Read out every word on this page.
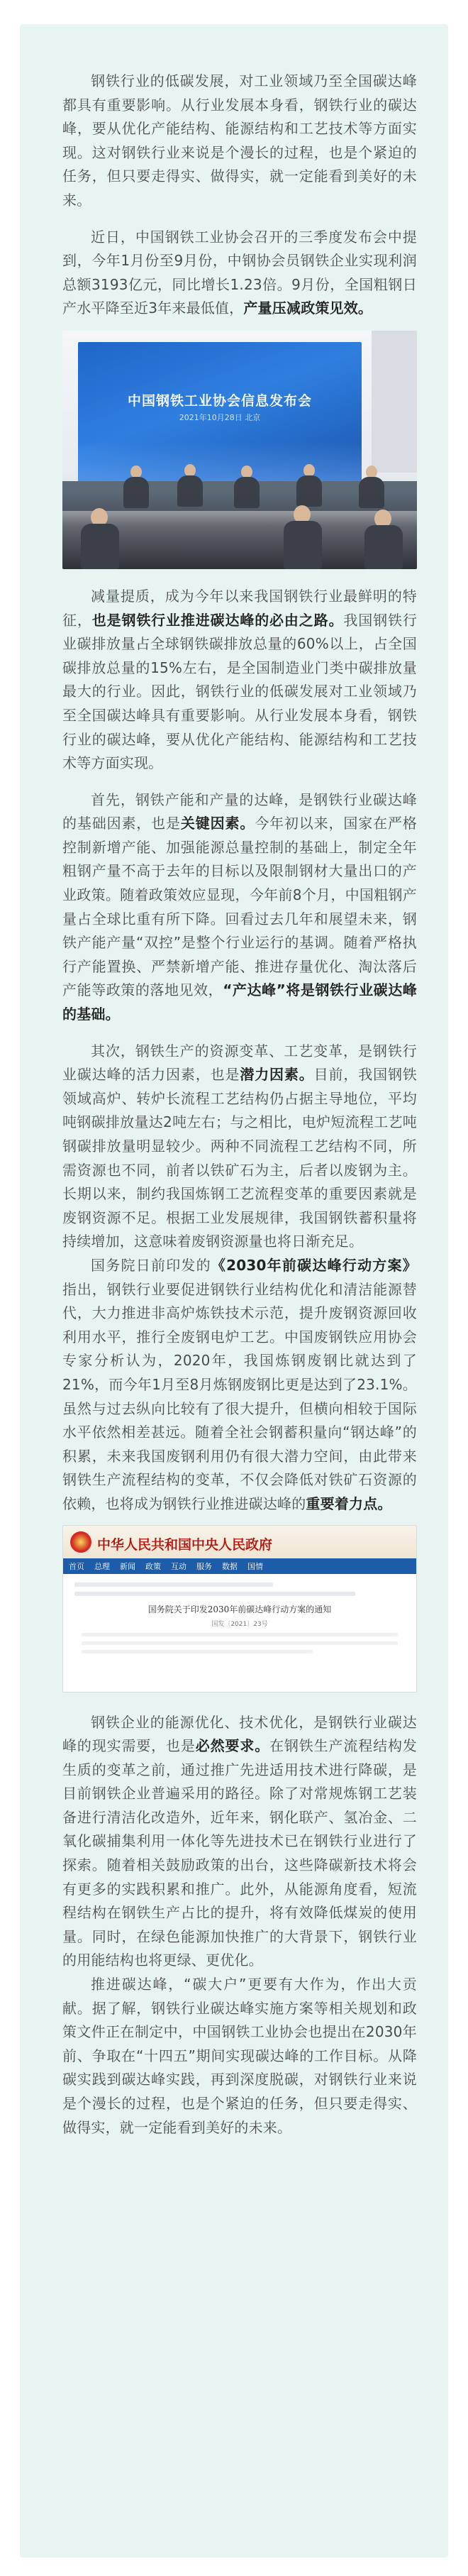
钢铁行业的低碳发展，对工业领域乃至全国碳达峰都具有重要影响。从行业发展本身看，钢铁行业的碳达峰，要从优化产能结构、能源结构和工艺技术等方面实现。这对钢铁行业来说是个漫长的过程，也是个紧迫的任务，但只要走得实、做得实，就一定能看到美好的未来。

近日，中国钢铁工业协会召开的三季度发布会中提到，今年1月份至9月份，中钢协会员钢铁企业实现利润总额3193亿元，同比增长1.23倍。9月份，全国粗钢日产水平降至近3年来最低值，产量压减政策见效。

中国钢铁工业协会信息发布会
2021年10月28日 北京

减量提质，成为今年以来我国钢铁行业最鲜明的特征，也是钢铁行业推进碳达峰的必由之路。我国钢铁行业碳排放量占全球钢铁碳排放总量的60%以上，占全国碳排放总量的15%左右，是全国制造业门类中碳排放量最大的行业。因此，钢铁行业的低碳发展对工业领域乃至全国碳达峰具有重要影响。从行业发展本身看，钢铁行业的碳达峰，要从优化产能结构、能源结构和工艺技术等方面实现。

首先，钢铁产能和产量的达峰，是钢铁行业碳达峰的基础因素，也是关键因素。今年初以来，国家在严格控制新增产能、加强能源总量控制的基础上，制定全年粗钢产量不高于去年的目标以及限制钢材大量出口的产业政策。随着政策效应显现，今年前8个月，中国粗钢产量占全球比重有所下降。回看过去几年和展望未来，钢铁产能产量“双控”是整个行业运行的基调。随着严格执行产能置换、严禁新增产能、推进存量优化、淘汰落后产能等政策的落地见效，“产达峰”将是钢铁行业碳达峰的基础。

其次，钢铁生产的资源变革、工艺变革，是钢铁行业碳达峰的活力因素，也是潜力因素。目前，我国钢铁领域高炉、转炉长流程工艺结构仍占据主导地位，平均吨钢碳排放量达2吨左右；与之相比，电炉短流程工艺吨钢碳排放量明显较少。两种不同流程工艺结构不同，所需资源也不同，前者以铁矿石为主，后者以废钢为主。长期以来，制约我国炼钢工艺流程变革的重要因素就是废钢资源不足。根据工业发展规律，我国钢铁蓄积量将持续增加，这意味着废钢资源量也将日渐充足。

国务院日前印发的《2030年前碳达峰行动方案》指出，钢铁行业要促进钢铁行业结构优化和清洁能源替代，大力推进非高炉炼铁技术示范，提升废钢资源回收利用水平，推行全废钢电炉工艺。中国废钢铁应用协会专家分析认为，2020年，我国炼钢废钢比就达到了21%，而今年1月至8月炼钢废钢比更是达到了23.1%。虽然与过去纵向比较有了很大提升，但横向相较于国际水平依然相差甚远。随着全社会钢蓄积量向“钢达峰”的积累，未来我国废钢利用仍有很大潜力空间，由此带来钢铁生产流程结构的变革，不仅会降低对铁矿石资源的依赖，也将成为钢铁行业推进碳达峰的重要着力点。

中华人民共和国中央人民政府
首页 总理 新闻 政策 互动 服务 数据 国情
国务院关于印发2030年前碳达峰行动方案的通知
国发〔2021〕23号

钢铁企业的能源优化、技术优化，是钢铁行业碳达峰的现实需要，也是必然要求。在钢铁生产流程结构发生质的变革之前，通过推广先进适用技术进行降碳，是目前钢铁企业普遍采用的路径。除了对常规炼钢工艺装备进行清洁化改造外，近年来，钢化联产、氢冶金、二氧化碳捕集利用一体化等先进技术已在钢铁行业进行了探索。随着相关鼓励政策的出台，这些降碳新技术将会有更多的实践积累和推广。此外，从能源角度看，短流程结构在钢铁生产占比的提升，将有效降低煤炭的使用量。同时，在绿色能源加快推广的大背景下，钢铁行业的用能结构也将更绿、更优化。

推进碳达峰，“碳大户”更要有大作为，作出大贡献。据了解，钢铁行业碳达峰实施方案等相关规划和政策文件正在制定中，中国钢铁工业协会也提出在2030年前、争取在“十四五”期间实现碳达峰的工作目标。从降碳实践到碳达峰实践，再到深度脱碳，对钢铁行业来说是个漫长的过程，也是个紧迫的任务，但只要走得实、做得实，就一定能看到美好的未来。
